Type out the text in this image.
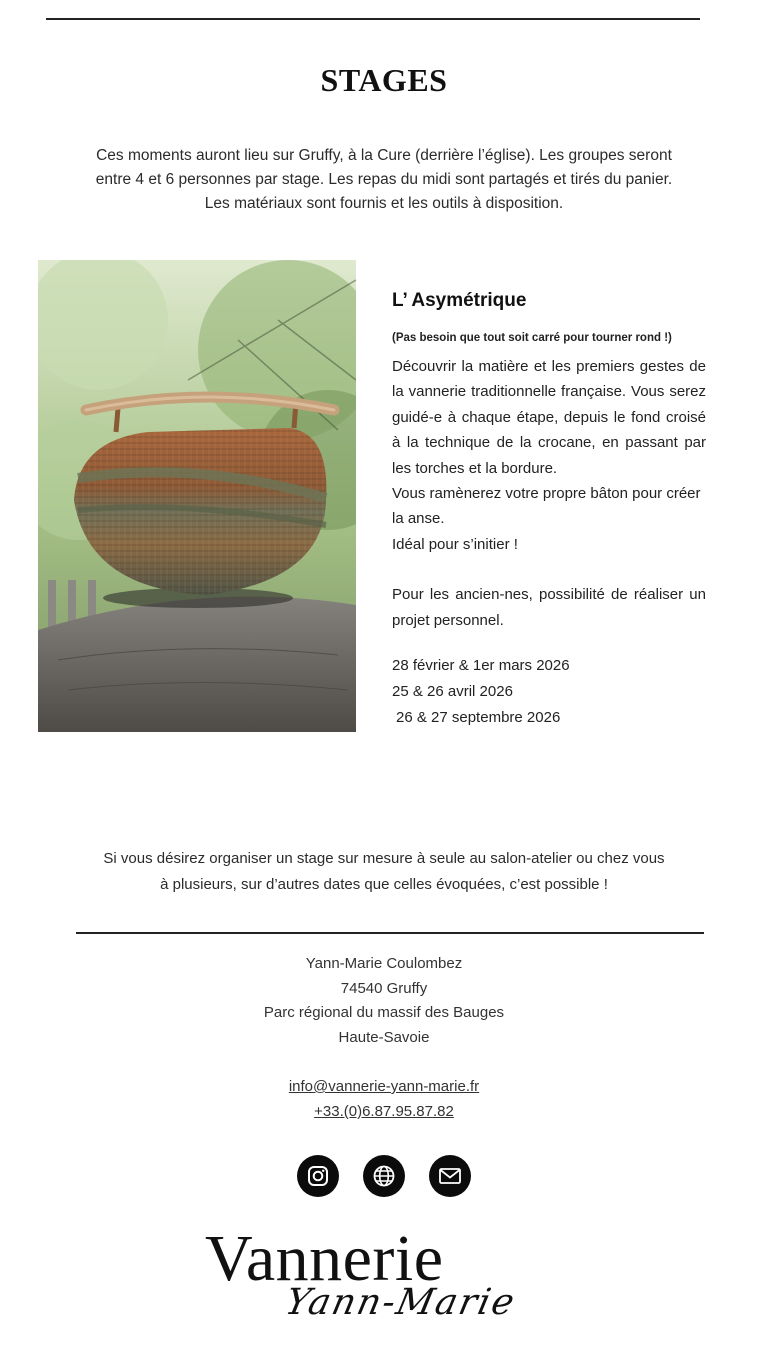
STAGES

Ces moments auront lieu sur Gruffy, à la Cure (derrière l’église). Les groupes seront

entre 4 et 6 personnes par stage. Les repas du midi sont partagés et tirés du panier.

Les matériaux sont fournis et les outils à disposition.

L’ Asymétrique

(Pas besoin que tout soit carré pour tourner rond !)

Découvrir la matière et les premiers gestes de la vannerie traditionnelle française. Vous serez guidé-e à chaque étape, depuis le fond croisé à la technique de la crocane, en passant par les torches et la bordure.

Vous ramènerez votre propre bâton pour créer la anse.

Idéal pour s’initier !

Pour les ancien-nes, possibilité de réaliser un projet personnel.

28 février & 1er mars 2026
25 & 26 avril 2026
26 & 27 septembre 2026

Si vous désirez organiser un stage sur mesure à seule au salon-atelier ou chez vous

à plusieurs, sur d’autres dates que celles évoquées, c’est possible !

Yann-Marie Coulombez
74540 Gruffy
Parc régional du massif des Bauges
Haute-Savoie
info@vannerie-yann-marie.fr
+33.(0)6.87.95.87.82
Vannerie
Yann-Marie
